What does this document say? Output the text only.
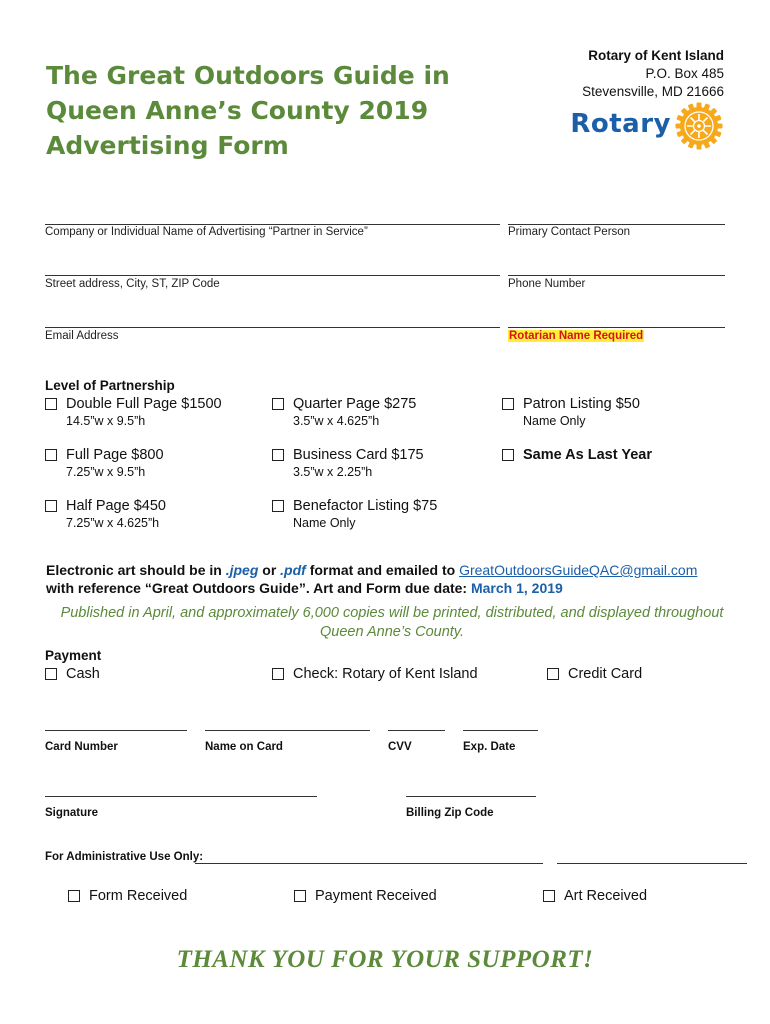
The Great Outdoors Guide in
Queen Anne’s County 2019
Advertising Form
Rotary of Kent Island
P.O. Box 485
Stevensville, MD 21666
Rotary
Company or Individual Name of Advertising “Partner in Service”	Primary Contact Person
Street address, City, ST, ZIP Code	Phone Number
Email Address	Rotarian Name Required
Level of Partnership
Double Full Page $1500
14.5”w x 9.5”h
Full Page $800
7.25”w x 9.5”h
Half Page $450
7.25”w x 4.625”h
Quarter Page $275
3.5”w x 4.625”h
Business Card $175
3.5”w x 2.25”h
Benefactor Listing $75
Name Only
Patron Listing $50
Name Only
Same As Last Year
Electronic art should be in .jpeg or .pdf format and emailed to GreatOutdoorsGuideQAC@gmail.com
with reference “Great Outdoors Guide”. Art and Form due date: March 1, 2019
Published in April, and approximately 6,000 copies will be printed, distributed, and displayed throughout Queen Anne’s County.
Payment
Cash	Check: Rotary of Kent Island	Credit Card
Card Number	Name on Card	CVV	Exp. Date
Signature	Billing Zip Code
For Administrative Use Only:
Form Received	Payment Received	Art Received
THANK YOU FOR YOUR SUPPORT!
